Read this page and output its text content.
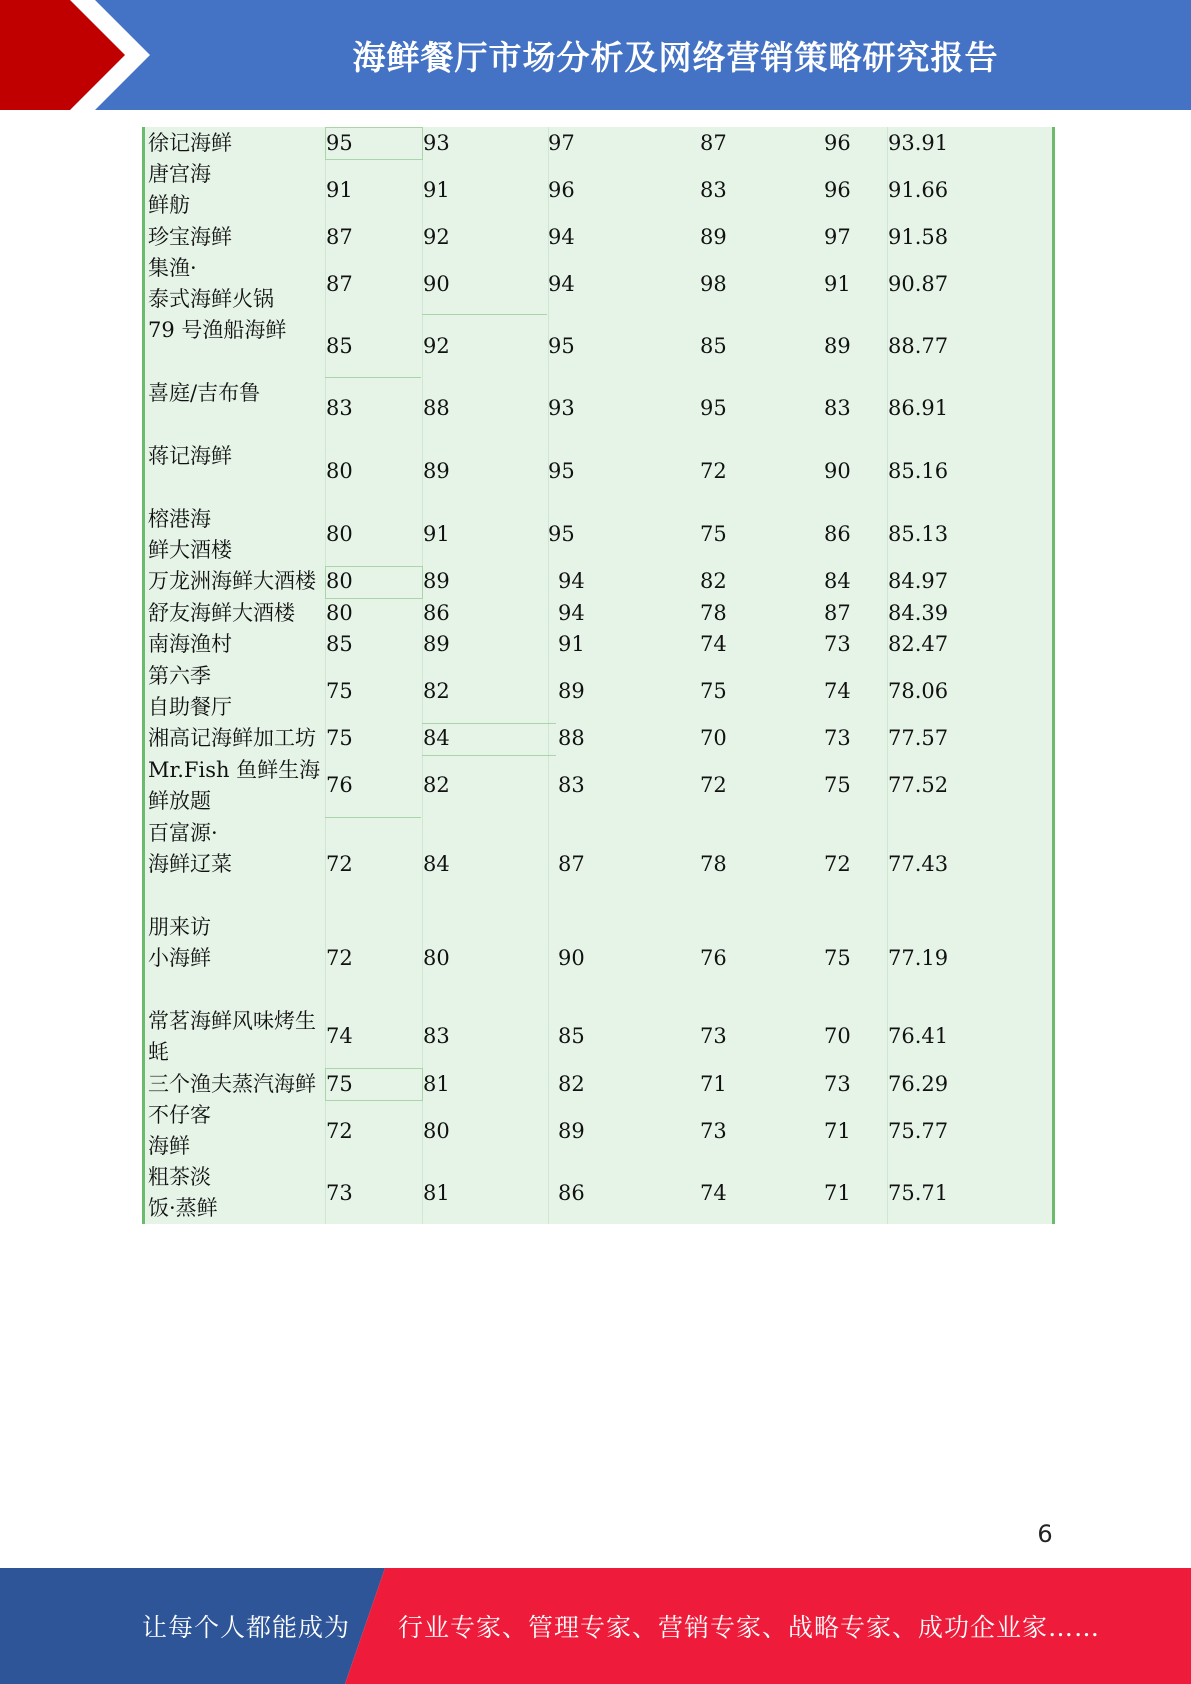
海鲜餐厅市场分析及网络营销策略研究报告
徐记海鲜	95	93	97	87	96 93.91
唐宫海
鲜舫
91	91	96	83	96 91.66
珍宝海鲜	87	92	94	89	97 91.58
集渔·
泰式海鲜火锅
87	90	94	98	91 90.87
79 号渔船海鲜

85	92	95	85	89 88.77
喜庭/吉布鲁

83	88	93	95	83 86.91
蒋记海鲜

80	89	95	72	90 85.16
榕港海
鲜大酒楼
80	91	95	75	86 85.13
万龙洲海鲜大酒楼 80	89	94	82	84 84.97
舒友海鲜大酒楼 80	86	94	78	87 84.39
南海渔村	85	89	91	74	73 82.47
第六季
自助餐厅
75	82	89	75	74 78.06
湘高记海鲜加工坊 75	84	88	70	73 77.57
Mr.Fish 鱼鲜生海
鲜放题
76	82	83	72	75 77.52
百富源·
海鲜辽菜
	72	84	87	78	72 77.43
朋来访
小海鲜
	72	80	90	76	75 77.19
常茗海鲜风味烤生
蚝
74	83	85	73	70 76.41
三个渔夫蒸汽海鲜 75	81	82	71	73 76.29
不仔客
海鲜
72	80	89	73	71 75.77
粗茶淡
饭·蒸鲜
73	81	86	74	71 75.71
6
让每个人都能成为 行业专家、管理专家、营销专家、战略专家、成功企业家……
